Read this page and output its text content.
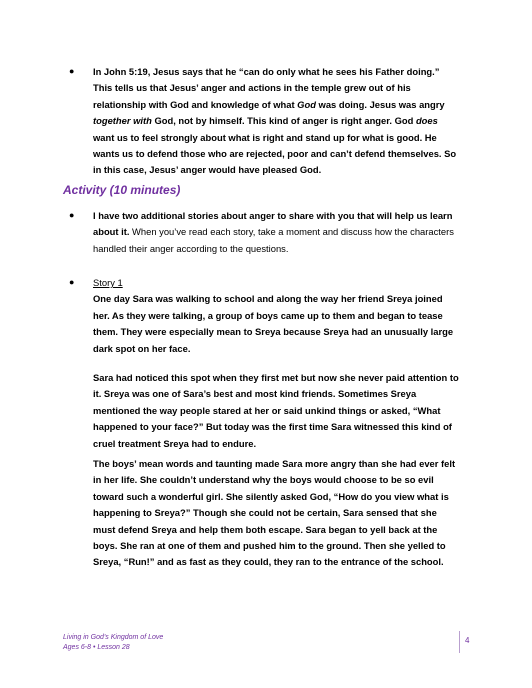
● In John 5:19, Jesus says that he “can do only what he sees his Father doing.”
This tells us that Jesus’ anger and actions in the temple grew out of his
relationship with God and knowledge of what God was doing. Jesus was angry
together with God, not by himself. This kind of anger is right anger. God does
want us to feel strongly about what is right and stand up for what is good. He
wants us to defend those who are rejected, poor and can’t defend themselves. So
in this case, Jesus’ anger would have pleased God.
Activity (10 minutes)
● I have two additional stories about anger to share with you that will help us learn
about it. When you’ve read each story, take a moment and discuss how the characters
handled their anger according to the questions.
● Story 1
One day Sara was walking to school and along the way her friend Sreya joined
her. As they were talking, a group of boys came up to them and began to tease
them. They were especially mean to Sreya because Sreya had an unusually large
dark spot on her face.
Sara had noticed this spot when they first met but now she never paid attention to
it. Sreya was one of Sara’s best and most kind friends. Sometimes Sreya
mentioned the way people stared at her or said unkind things or asked, “What
happened to your face?” But today was the first time Sara witnessed this kind of
cruel treatment Sreya had to endure.
The boys’ mean words and taunting made Sara more angry than she had ever felt
in her life. She couldn’t understand why the boys would choose to be so evil
toward such a wonderful girl. She silently asked God, “How do you view what is
happening to Sreya?” Though she could not be certain, Sara sensed that she
must defend Sreya and help them both escape. Sara began to yell back at the
boys. She ran at one of them and pushed him to the ground. Then she yelled to
Sreya, “Run!” and as fast as they could, they ran to the entrance of the school.
Living in God’s Kingdom of Love
Ages 6-8 • Lesson 28
4
